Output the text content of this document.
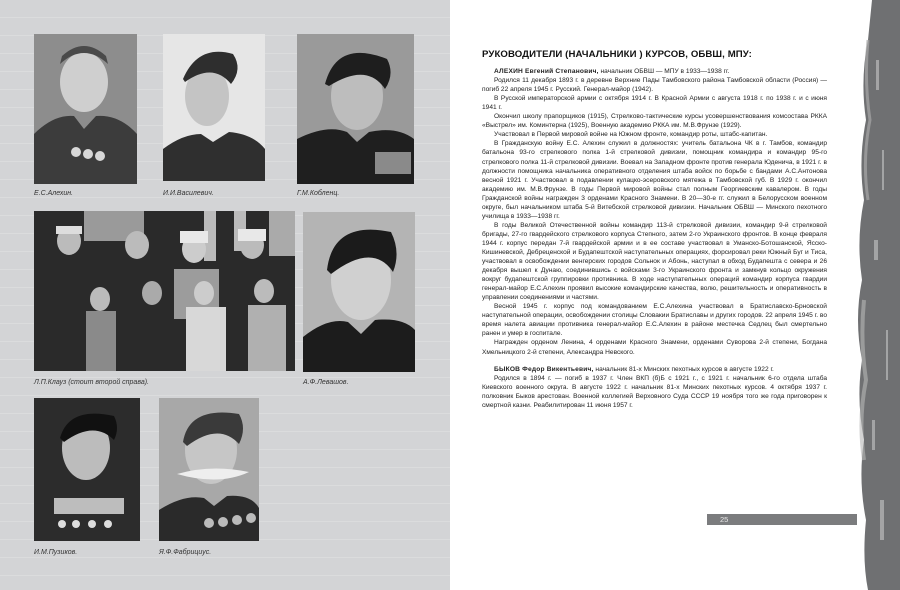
Е.С.Алехин.	И.И.Василевич.	Г.М.Кобленц.
Л.П.Клауз (стоит второй справа).	А.Ф.Левашов.
И.М.Пузиков.	Я.Ф.Фабрициус.
РУКОВОДИТЕЛИ (НАЧАЛЬНИКИ ) КУРСОВ, ОБВШ, МПУ:

АЛЕХИН Евгений Степанович, начальник ОБВШ — МПУ в 1933—1938 гг.

Родился 11 декабря 1893 г. в деревне Верхние Пады Тамбовского района Тамбовской области (Россия) — погиб 22 апреля 1945 г. Русский. Генерал-майор (1942).

В Русской императорской армии с октября 1914 г. В Красной Армии с августа 1918 г. по 1938 г. и с июня 1941 г.

Окончил школу прапорщиков (1915), Стрелково-тактические курсы усовершенствования комсостава РККА «Выстрел» им. Коминтерна (1925), Военную академию РККА им. М.В.Фрунзе (1929).

Участвовал в Первой мировой войне на Южном фронте, командир роты, штабс-капитан.

В Гражданскую войну Е.С. Алехин служил в должностях: учитель батальона ЧК в г. Тамбов, командир батальона 93-го стрелкового полка 1-й стрелковой дивизии, помощник командира и командир 95-го стрелкового полка 11-й стрелковой дивизии. Воевал на Западном фронте против генерала Юденича, в 1921 г. в должности помощника начальника оперативного отделения штаба войск по борьбе с бандами А.С.Антонова весной 1921 г. Участвовал в подавлении кулацко-эсеровского мятежа в Тамбовской губ. В 1929 г. окончил академию им. М.В.Фрунзе. В годы Первой мировой войны стал полным Георгиевским кавалером. В годы Гражданской войны награжден 3 орденами Красного Знамени. В 20—30-е гг. служил в Белорусском военном округе, был начальником штаба 5-й Витебской стрелковой дивизии. Начальник ОБВШ — Минского пехотного училища в 1933—1938 гг.

В годы Великой Отечественной войны командир 113-й стрелковой дивизии, командир 9-й стрелковой бригады, 27-го гвардейского стрелкового корпуса Степного, затем 2-го Украинского фронтов. В конце февраля 1944 г. корпус передан 7-й гвардейской армии и в ее составе участвовал в Уманско-Ботошанской, Ясско-Кишиневской, Дебреценской и Будапештской наступательных операциях, форсировал реки Южный Буг и Тиса, участвовал в освобождении венгерских городов Сольнок и Абонь, наступал в обход Будапешта с севера и 26 декабря вышел к Дунаю, соединившись с войсками 3-го Украинского фронта и замкнув кольцо окружения вокруг будапештской группировки противника. В ходе наступательных операций командир корпуса гвардии генерал-майор Е.С.Алехин проявил высокие командирские качества, волю, решительность и оперативность в управлении соединениями и частями.

Весной 1945 г. корпус под командованием Е.С.Алехина участвовал в Братиславско-Брновской наступательной операции, освобождении столицы Словакии Братиславы и других городов. 22 апреля 1945 г. во время налета авиации противника генерал-майор Е.С.Алехин в районе местечка Седлец был смертельно ранен и умер в госпитале.

Награжден орденом Ленина, 4 орденами Красного Знамени, орденами Суворова 2-й степени, Богдана Хмельницкого 2-й степени, Александра Невского.

БЫКОВ Федор Викентьевич, начальник 81-х Минских пехотных курсов в августе 1922 г.

Родился в 1894 г. — погиб в 1937 г. Член ВКП (б)Б с 1921 г., с 1921 г. начальник 6-го отдела штаба Киевского военного округа. В августе 1922 г. начальник 81-х Минских пехотных курсов. 4 октября 1937 г. полковник Быков арестован. Военной коллегией Верховного Суда СССР 19 ноября того же года приговорен к смертной казни. Реабилитирован 11 июня 1957 г.

25
